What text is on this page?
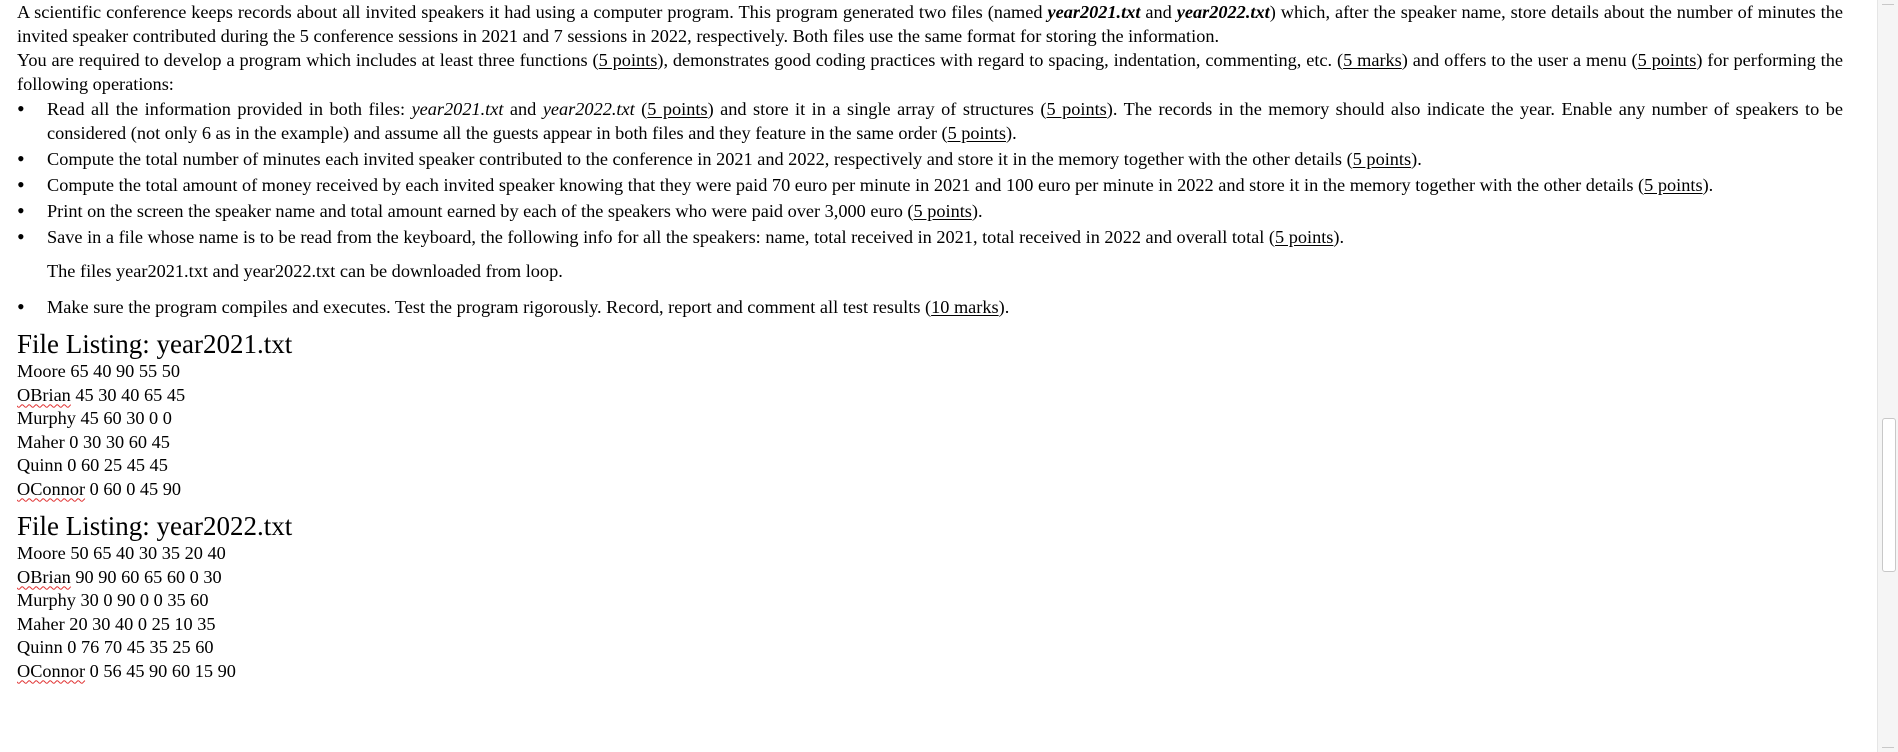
A scientific conference keeps records about all invited speakers it had using a computer program. This program generated two files (named year2021.txt and year2022.txt) which, after the speaker name, store details about the number of minutes the invited speaker contributed during the 5 conference sessions in 2021 and 7 sessions in 2022, respectively. Both files use the same format for storing the information.

You are required to develop a program which includes at least three functions (5 points), demonstrates good coding practices with regard to spacing, indentation, commenting, etc. (5 marks) and offers to the user a menu (5 points) for performing the following operations:

• Read all the information provided in both files: year2021.txt and year2022.txt (5 points) and store it in a single array of structures (5 points). The records in the memory should also indicate the year. Enable any number of speakers to be considered (not only 6 as in the example) and assume all the guests appear in both files and they feature in the same order (5 points).
• Compute the total number of minutes each invited speaker contributed to the conference in 2021 and 2022, respectively and store it in the memory together with the other details (5 points).
• Compute the total amount of money received by each invited speaker knowing that they were paid 70 euro per minute in 2021 and 100 euro per minute in 2022 and store it in the memory together with the other details (5 points).
• Print on the screen the speaker name and total amount earned by each of the speakers who were paid over 3,000 euro (5 points).
• Save in a file whose name is to be read from the keyboard, the following info for all the speakers: name, total received in 2021, total received in 2022 and overall total (5 points).
The files year2021.txt and year2022.txt can be downloaded from loop.
• Make sure the program compiles and executes. Test the program rigorously. Record, report and comment all test results (10 marks).
File Listing: year2021.txt
Moore 65 40 90 55 50
OBrian 45 30 40 65 45
Murphy 45 60 30 0 0
Maher 0 30 30 60 45
Quinn 0 60 25 45 45
OConnor 0 60 0 45 90
File Listing: year2022.txt
Moore 50 65 40 30 35 20 40
OBrian 90 90 60 65 60 0 30
Murphy 30 0 90 0 0 35 60
Maher 20 30 40 0 25 10 35
Quinn 0 76 70 45 35 25 60
OConnor 0 56 45 90 60 15 90
